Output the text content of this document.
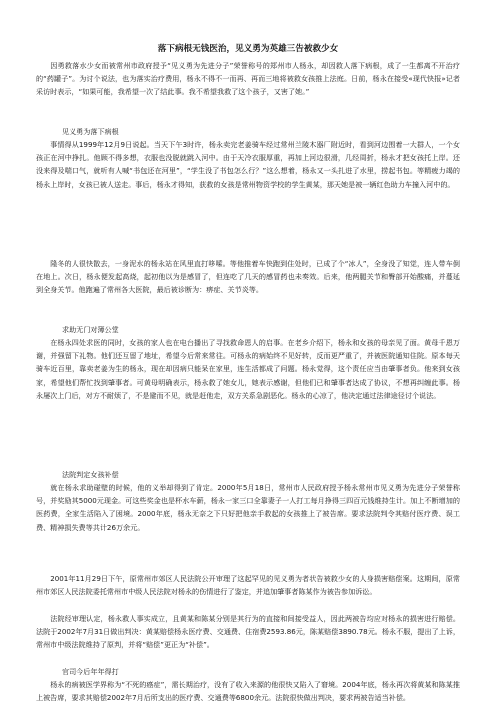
落下病根无钱医治，见义勇为英雄三告被救少女

因勇救落水少女而被常州市政府授予“见义勇为先进分子”荣誉称号的郑州市人杨永，却因救人落下病根，成了一生都离不开治疗的“药罐子”。为讨个说法，也为落实治疗费用，杨永不得不一而再、再而三地将被救女孩推上法庭。日前，杨永在接受«现代快报»记者采访时表示，“如果可能，我希望一次了结此事。我不希望我救了这个孩子，又害了她。”

见义勇为落下病根

事情得从1999年12月9日说起。当天下午3时许，杨永卖完老姜骑车经过常州兰陵木器厂附近时，看到河边围着一大群人，一个女孩正在河中挣扎。他顾不得多想，衣服也没脱就跳入河中。由于天冷衣服厚重，再加上河边很滑，几经周折，杨永才把女孩托上岸。还没来得及喘口气，就听有人喊“书包还在河里”，“学生没了书包怎么行？”这么想着，杨永又一头扎进了水里，捞起书包。等精疲力竭的杨永上岸时，女孩已被人送走。事后，杨永才得知，获救的女孩是常州物资学校的学生黄某，那天她是被一辆红色助力车撞入河中的。

隆冬的人很快散去，一身泥水的杨永站在风里直打哆嗦。等他推着车快跑到住处时，已成了个“冰人”，全身没了知觉，连人带车倒在地上。次日，杨永便发起高烧，起初他以为是感冒了，但连吃了几天的感冒药也未奏效。后来，他两腿关节和臀部开始酸痛，并蔓延到全身关节。他跑遍了常州各大医院，最后被诊断为：痹症、关节炎等。

求助无门对簿公堂

在杨永四处求医的同时，女孩的家人也在电台播出了寻找救命恩人的启事。在老乡介绍下，杨永和女孩的母亲见了面。黄母千恩万谢，并强留下礼物。他们还互留了地址，希望今后常来常往。可杨永的病始终不见好转，反而更严重了，并被医院通知住院。原本每天骑车近百里，靠卖老姜为生的杨永，现在却因病只能呆在家里，连生活都成了问题。杨永觉得，这个责任应当由肇事者负。他来到女孩家，希望他们帮忙找到肇事者。可黄母明确表示，杨永救了她女儿，她表示感谢，但他们已和肇事者达成了协议，不想再纠缠此事。杨永屡次上门后，对方不耐烦了，不是避而不见，就是赶他走，双方关系急剧恶化。杨永的心凉了，他决定通过法律途径讨个说法。

法院判定女孩补偿

就在杨永求助碰壁的时候，他的义举却得到了肯定。2000年5月18日，常州市人民政府授予杨永常州市见义勇为先进分子荣誉称号，并奖励其5000元现金。可这些奖金也是杯水车薪，杨永一家三口全靠妻子一人打工每月挣得三四百元钱维持生计。加上不断增加的医药费，全家生活陷入了困境。2000年底，杨永无奈之下只好把他亲手救起的女孩推上了被告席。要求法院判令其赔付医疗费、误工费、精神损失费等共计26万余元。

2001年11月29日下午，原常州市郊区人民法院公开审理了这起罕见的见义勇为者状告被救少女的人身损害赔偿案。这期间，原常州市郊区人民法院委托常州市中级人民法院对杨永的伤情进行了鉴定，并追加肇事者陈某作为被告参加诉讼。

法院经审理认定，杨永救人事实成立，且黄某和陈某分别是其行为的直接和间接受益人，因此两被告均应对杨永的损害进行赔偿。法院于2002年7月31日做出判决：黄某赔偿杨永医疗费、交通费、住宿费2593.86元，陈某赔偿3890.78元。杨永不服，提出了上诉，常州市中级法院维持了原判，并将“赔偿”更正为“补偿”。

官司今后年年得打

杨永的病被医学界称为“不死的癌症”，需长期治疗，没有了收入来源的他很快又陷入了窘境。2004年底，杨永再次将黄某和陈某推上被告席，要求其赔偿2002年7月后所支出的医疗费、交通费等6800余元。法院很快做出判决，要求两被告适当补偿。
